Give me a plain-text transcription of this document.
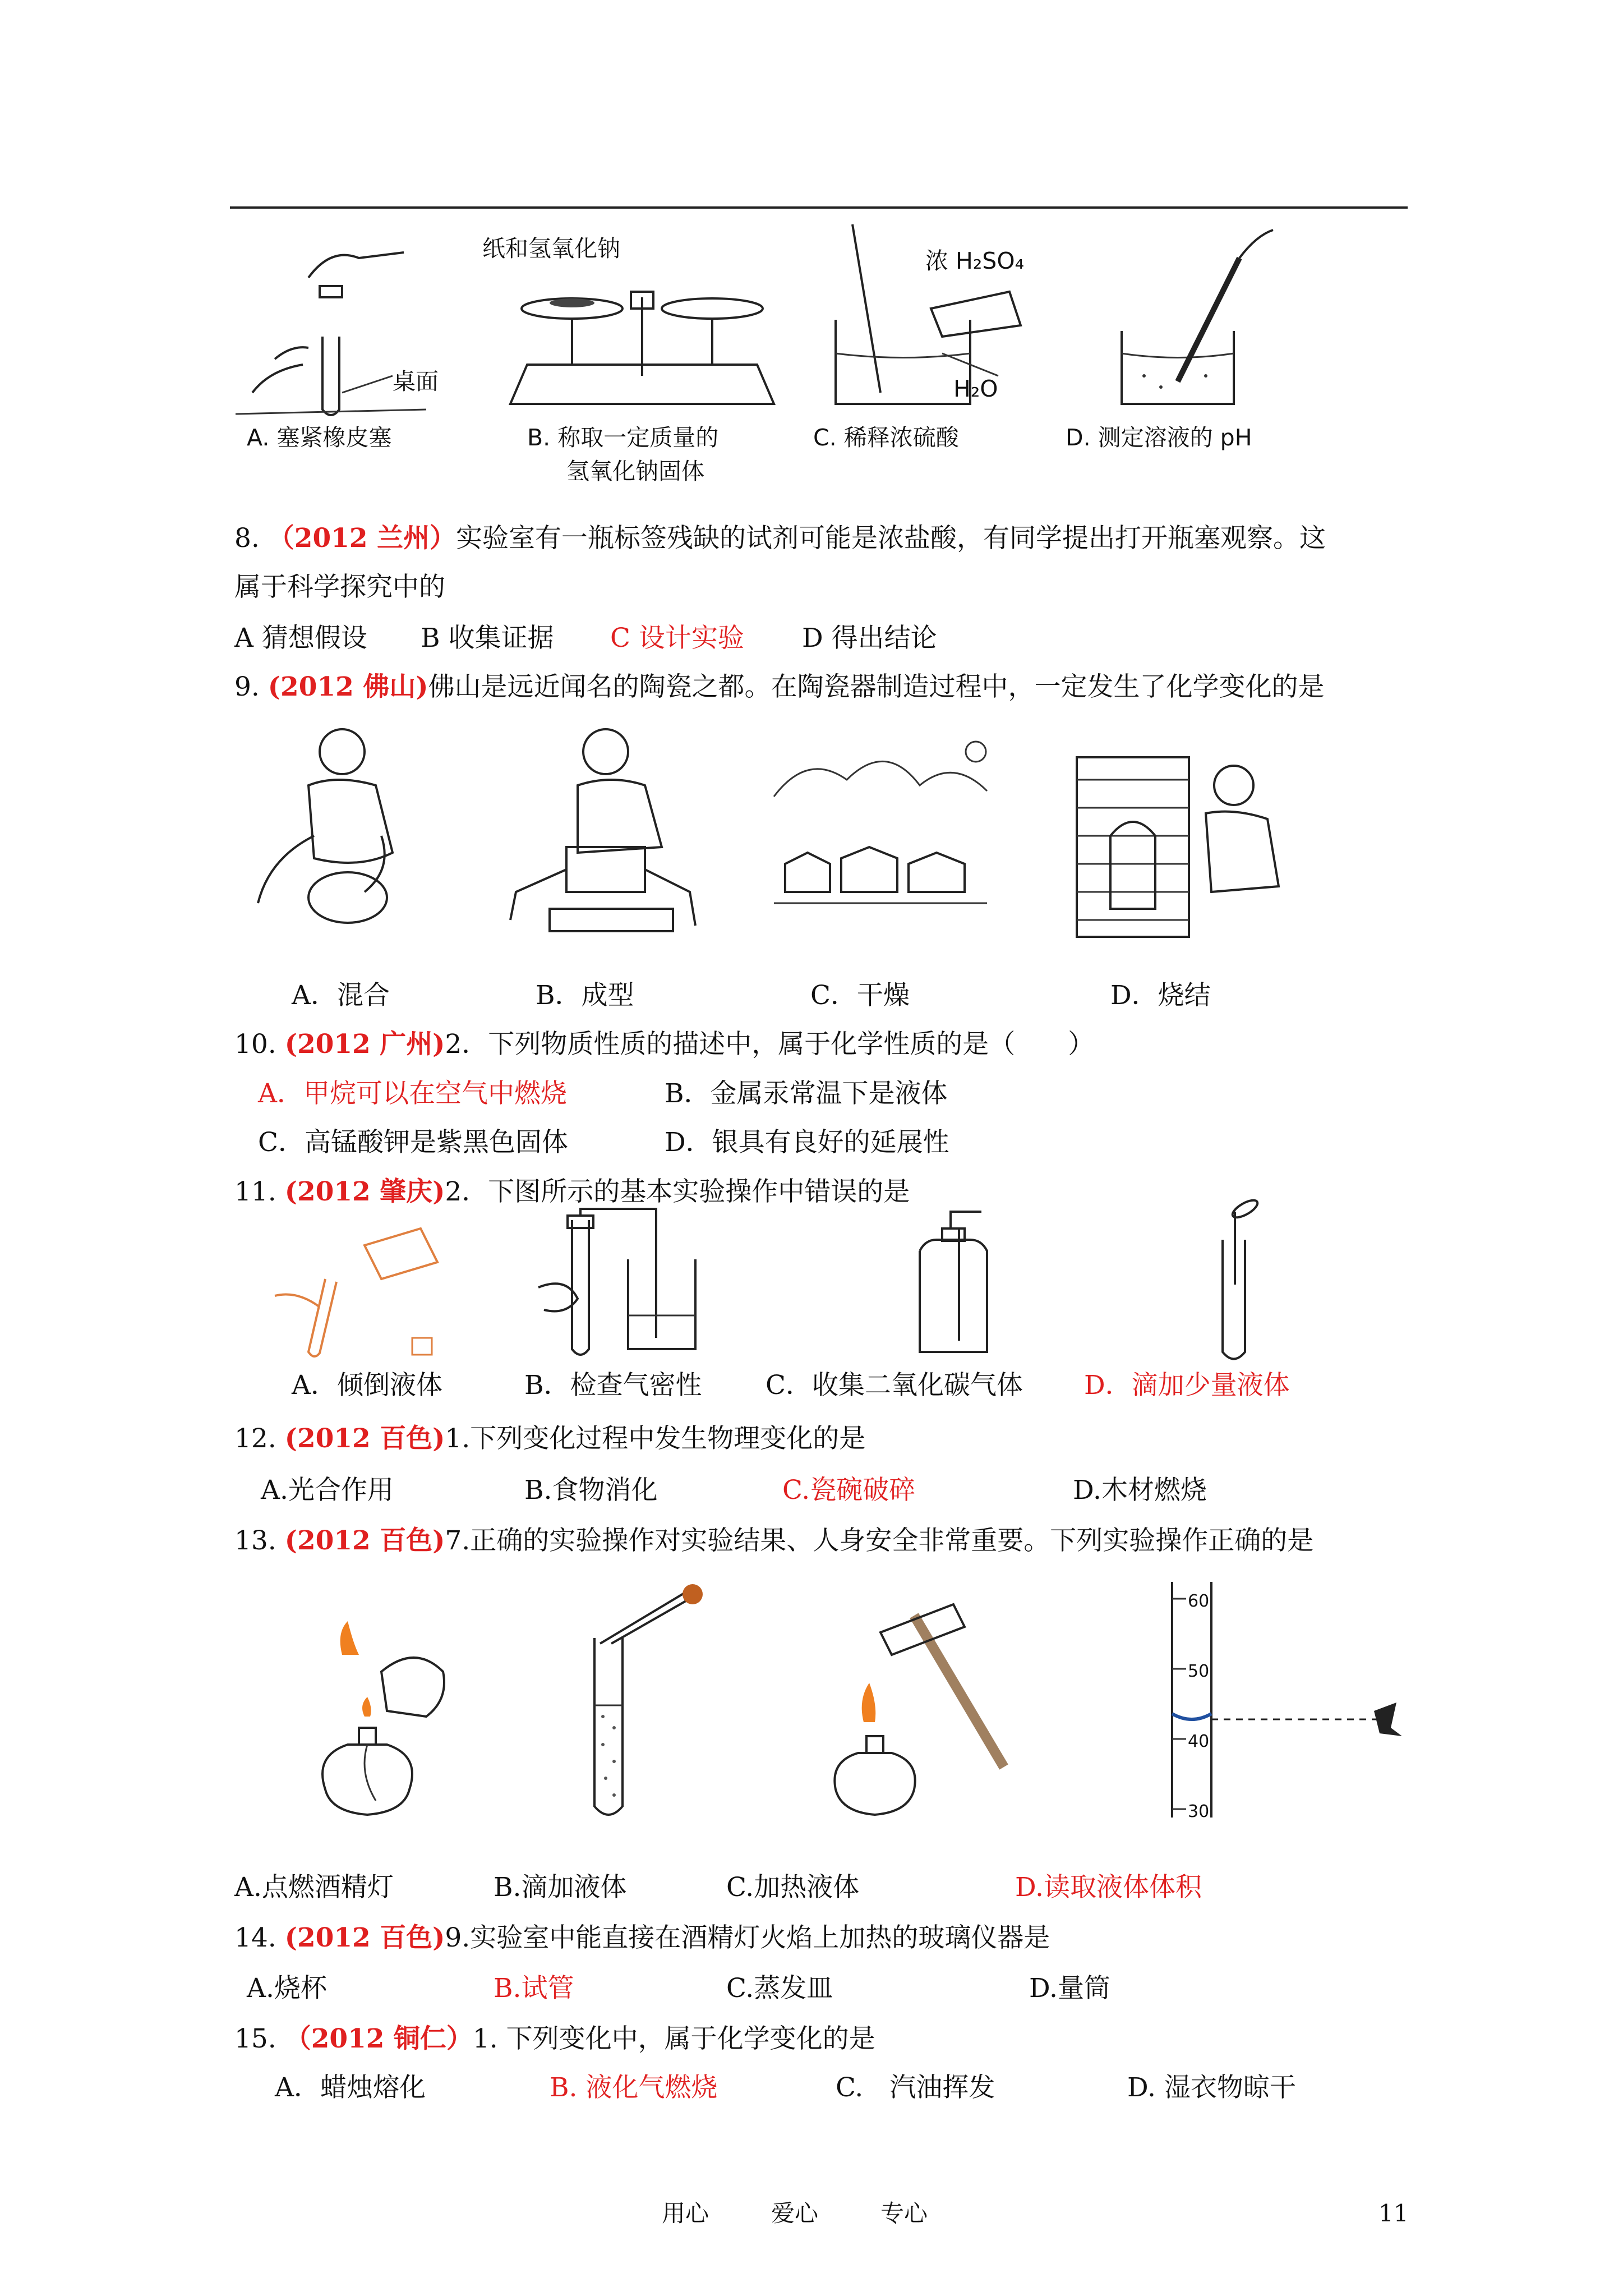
桌面
A. 塞紧橡皮塞
纸和氢氧化钠
B. 称取一定质量的
氢氧化钠固体
浓 H₂SO₄
H₂O
C. 稀释浓硫酸	D. 测定溶液的 pH
8. （2012 兰州）实验室有一瓶标签残缺的试剂可能是浓盐酸，有同学提出打开瓶塞观察。这
属于科学探究中的
A 猜想假设 B 收集证据 C 设计实验 D 得出结论
9. (2012 佛山)佛山是远近闻名的陶瓷之都。在陶瓷器制造过程中，一定发生了化学变化的是
A．混合	B．成型	C．干燥	D．烧结
10. (2012 广州)2．下列物质性质的描述中，属于化学性质的是（　　）
A．甲烷可以在空气中燃烧	B．金属汞常温下是液体
C．高锰酸钾是紫黑色固体	D．银具有良好的延展性
11. (2012 肇庆)2．下图所示的基本实验操作中错误的是
A．倾倒液体	B．检查气密性 C．收集二氧化碳气体 D．滴加少量液体
12. (2012 百色)1.下列变化过程中发生物理变化的是
A.光合作用	B.食物消化	C.瓷碗破碎	D.木材燃烧
13. (2012 百色)7.正确的实验操作对实验结果、人身安全非常重要。下列实验操作正确的是
60
50
40
30
A.点燃酒精灯	B.滴加液体	C.加热液体	D.读取液体体积
14. (2012 百色)9.实验室中能直接在酒精灯火焰上加热的玻璃仪器是
A.烧杯	B.试管	C.蒸发皿	D.量筒
15. （2012 铜仁）1. 下列变化中，属于化学变化的是
A．蜡烛熔化	B. 液化气燃烧	C.　汽油挥发	D. 湿衣物晾干
用心	爱心	专心	11
